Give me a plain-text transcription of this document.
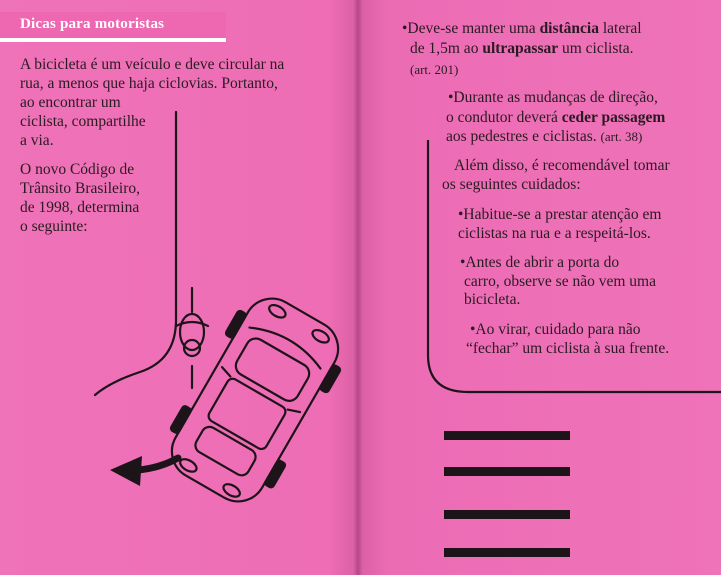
Dicas para motoristas
A bicicleta é um veículo e deve circular na
rua, a menos que haja ciclovias. Portanto,
ao encontrar um
ciclista, compartilhe
a via.
O novo Código de
Trânsito Brasileiro,
de 1998, determina
o seguinte:
•Deve-se manter uma distância lateral
de 1,5m ao ultrapassar um ciclista.
(art. 201)
•Durante as mudanças de direção,
o condutor deverá ceder passagem
aos pedestres e ciclistas. (art. 38)
Além disso, é recomendável tomar
os seguintes cuidados:
•Habitue-se a prestar atenção em
ciclistas na rua e a respeitá-los.
•Antes de abrir a porta do
carro, observe se não vem uma
bicicleta.
•Ao virar, cuidado para não
“fechar” um ciclista à sua frente.
